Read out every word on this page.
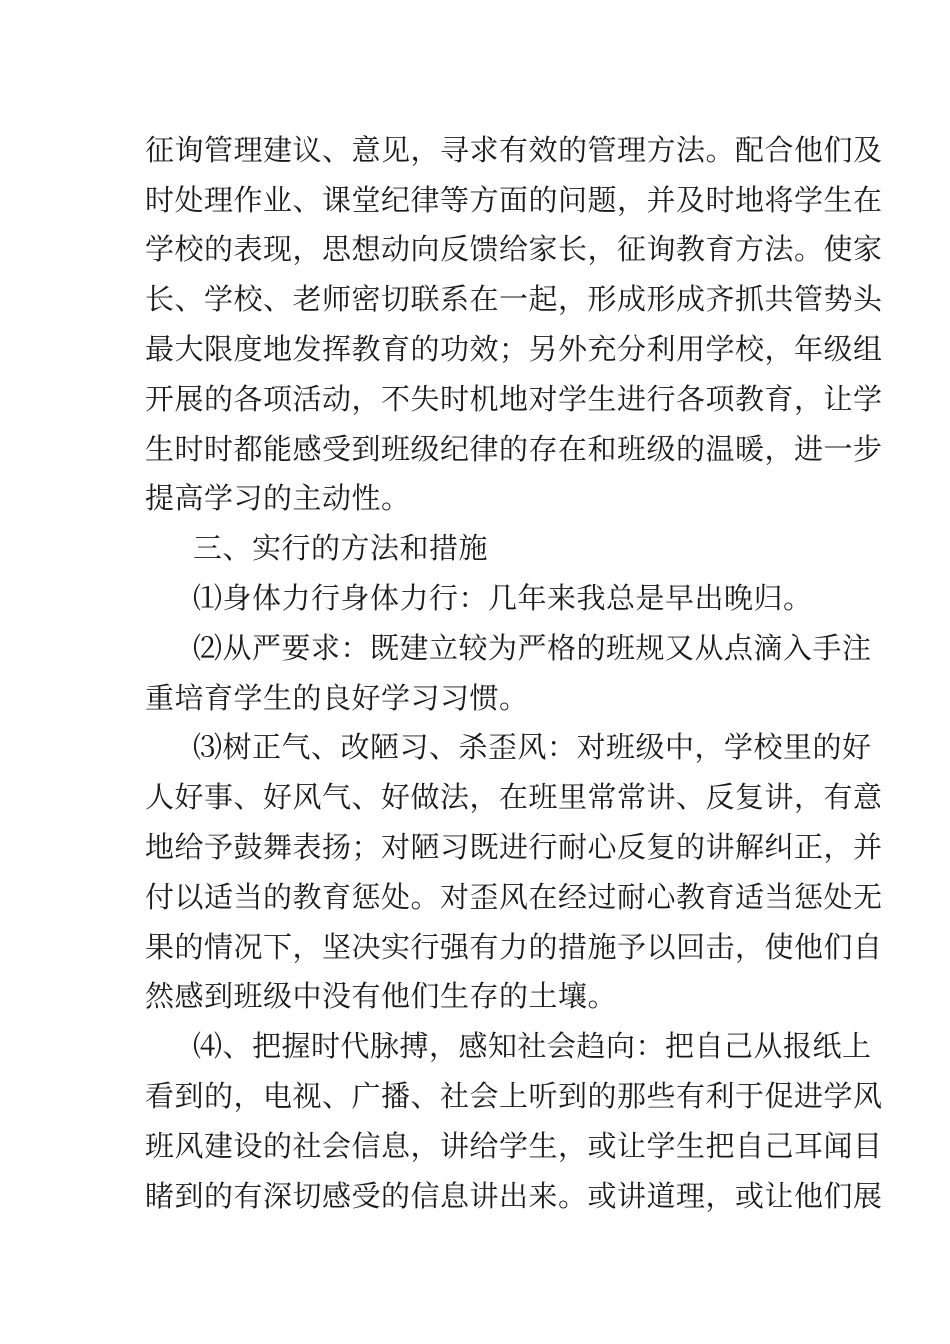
征询管理建议、意见，寻求有效的管理方法。配合他们及
时处理作业、课堂纪律等方面的问题，并及时地将学生在
学校的表现，思想动向反馈给家长，征询教育方法。使家
长、学校、老师密切联系在一起，形成形成齐抓共管势头
最大限度地发挥教育的功效；另外充分利用学校，年级组
开展的各项活动，不失时机地对学生进行各项教育，让学
生时时都能感受到班级纪律的存在和班级的温暖，进一步
提高学习的主动性。
三、实行的方法和措施
⑴身体力行身体力行：几年来我总是早出晚归。
⑵从严要求：既建立较为严格的班规又从点滴入手注
重培育学生的良好学习习惯。
⑶树正气、改陋习、杀歪风：对班级中，学校里的好
人好事、好风气、好做法，在班里常常讲、反复讲，有意
地给予鼓舞表扬；对陋习既进行耐心反复的讲解纠正，并
付以适当的教育惩处。对歪风在经过耐心教育适当惩处无
果的情况下，坚决实行强有力的措施予以回击，使他们自
然感到班级中没有他们生存的土壤。
⑷、把握时代脉搏，感知社会趋向：把自己从报纸上
看到的，电视、广播、社会上听到的那些有利于促进学风
班风建设的社会信息，讲给学生，或让学生把自己耳闻目
睹到的有深切感受的信息讲出来。或讲道理，或让他们展
